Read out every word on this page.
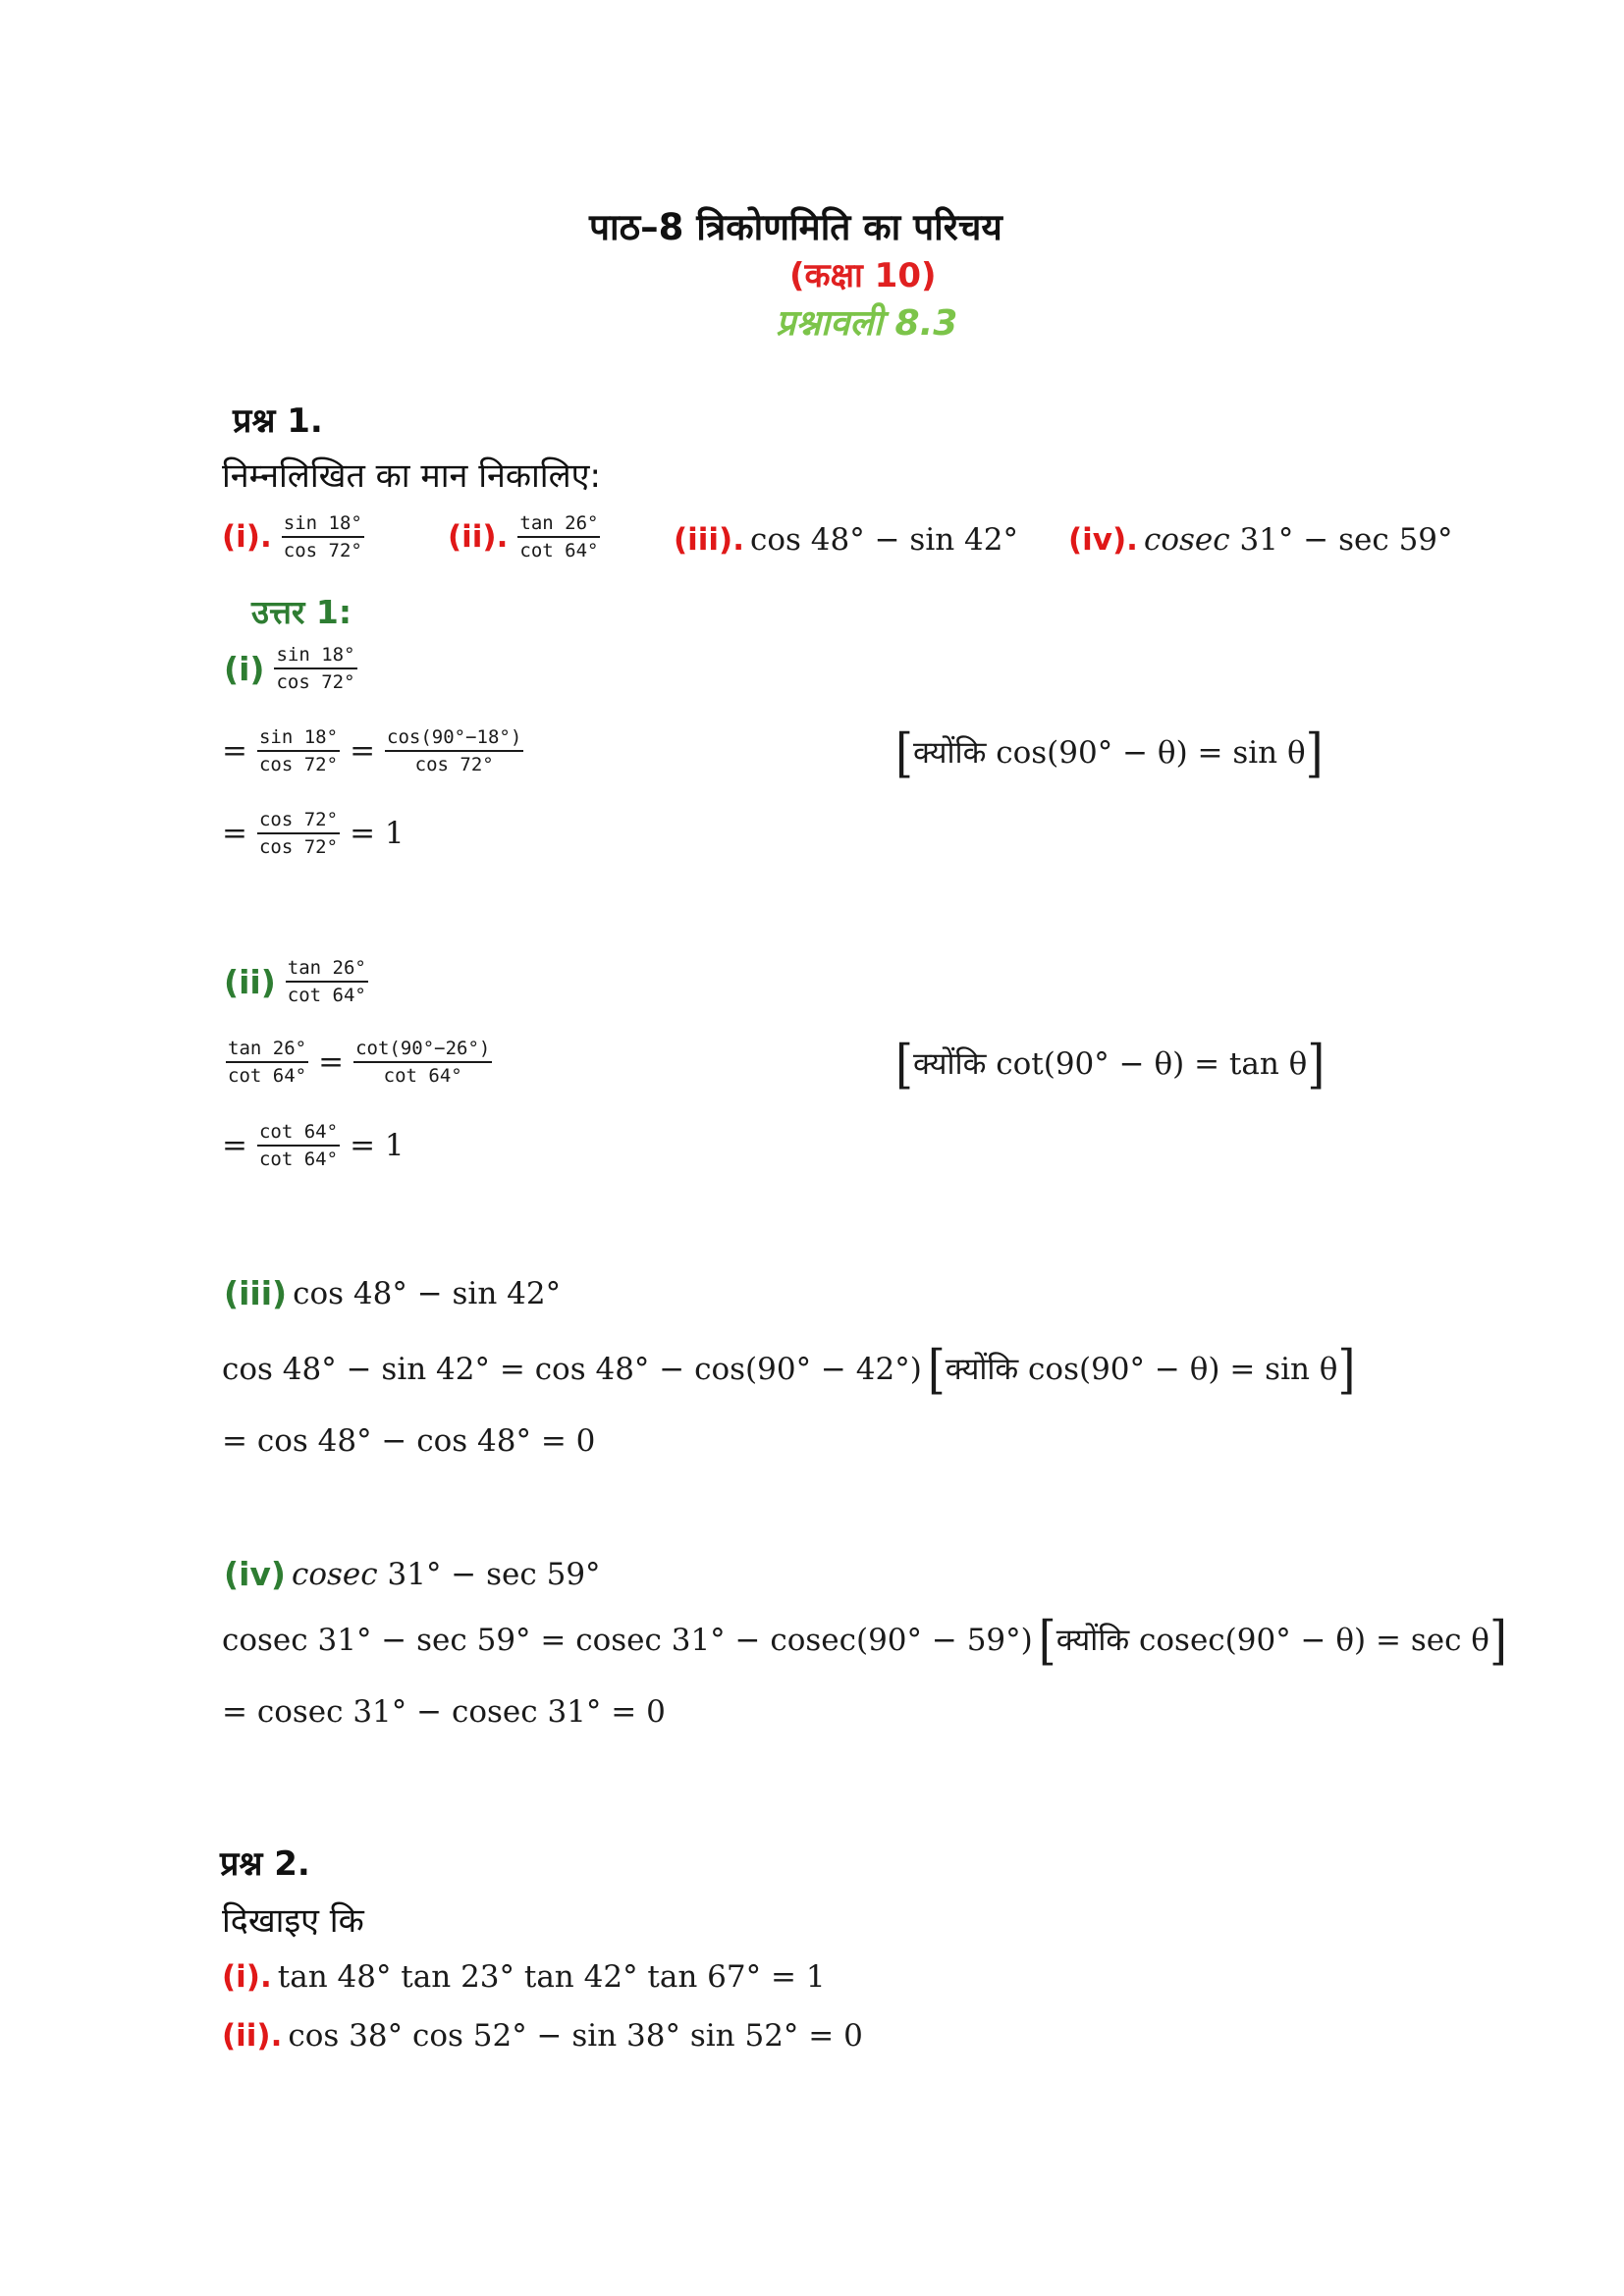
पाठ–8 त्रिकोणमिति का परिचय
(कक्षा 10)
प्रश्नावली 8.3
प्रश्न 1.
निम्नलिखित का मान निकालिए:
(i). $\frac{\sin 18^\circ}{\cos 72^\circ}$	(ii). $\frac{\tan 26^\circ}{\cot 64^\circ} (iii)$. cos 48° − sin 42° (iv). cosec 31° − sec 59°
उत्तर 1:
$(i) \frac{\sin 18^\circ}{\cos 72^\circ}$
= $\frac{\sin 18^\circ}{\cos 72^\circ} = \frac{\cos(90^\circ-18^\circ)}{\cos 72^\circ}$	[क्योंकि cos(90° − θ) = sin θ]
= $\frac{\cos 72^\circ}{\cos 72^\circ} = 1$
$(ii) \frac{\tan 26^\circ}{\cot 64^\circ}$
$\frac{\tan 26^\circ}{\cot 64^\circ} = \frac{\cot(90^\circ-26^\circ)}{\cot 64^\circ}$	[क्योंकि cot(90° − θ) = tan θ]
= $\frac{\cot 64^\circ}{\cot 64^\circ} = 1$
(iii) cos 48° − sin 42°
cos 48° − sin 42° = cos 48° − cos(90° − 42°) [क्योंकि cos(90° − θ) = sin θ]
= cos 48° − cos 48° = 0
(iv) cosec 31° − sec 59°
cosec 31° − sec 59° = cosec 31° − cosec(90° − 59°) [क्योंकि cosec(90° − θ) = sec θ]
= cosec 31° − cosec 31° = 0
प्रश्न 2.
दिखाइए कि
(i). tan 48° tan 23° tan 42° tan 67° = 1
(ii). cos 38° cos 52° − sin 38° sin 52° = 0
